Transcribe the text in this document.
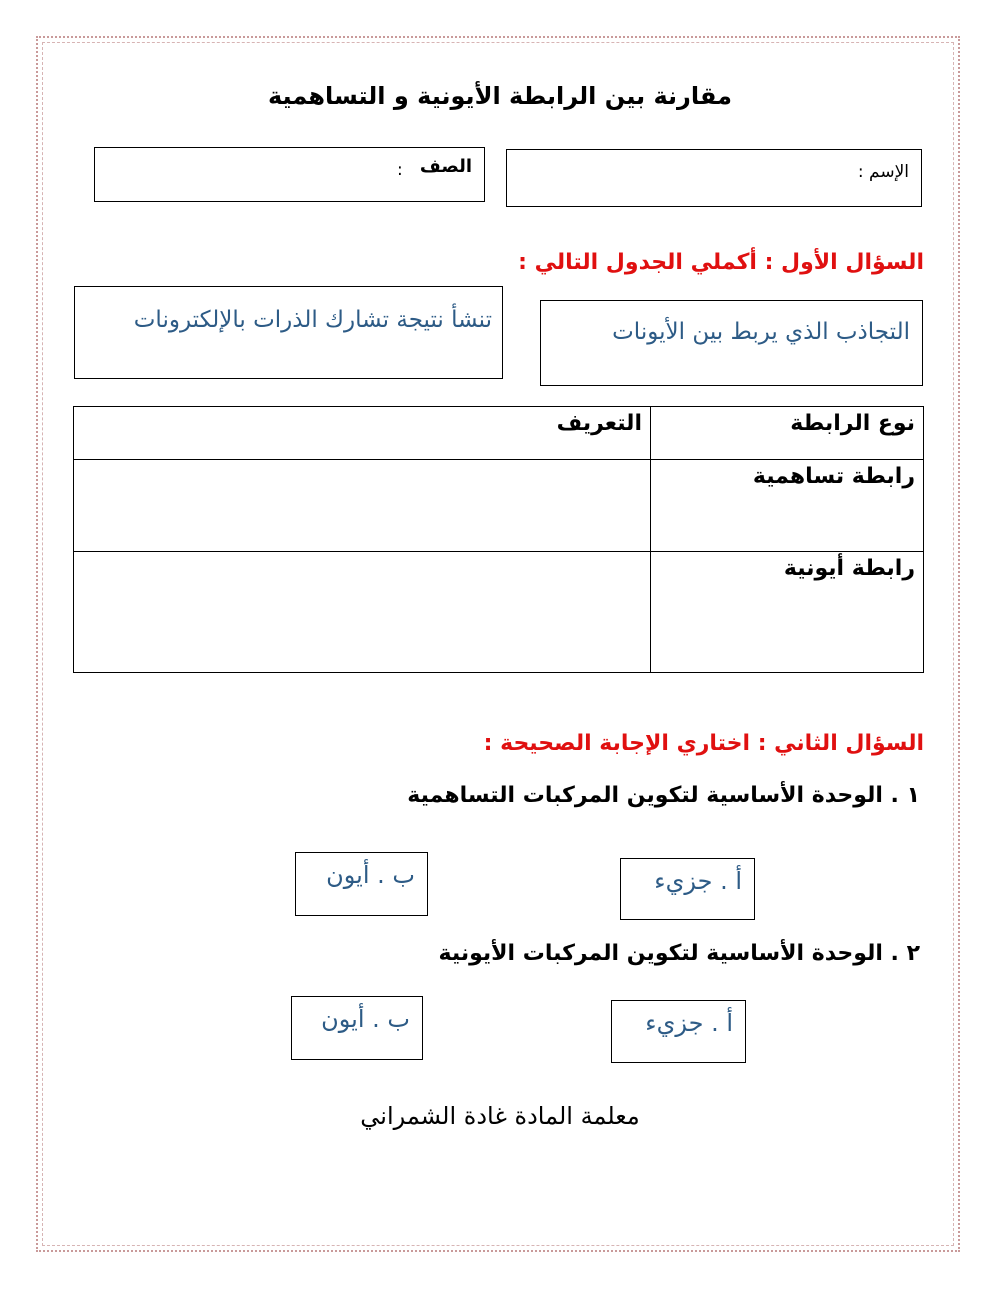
مقارنة بين الرابطة الأيونية و التساهمية
الإسم :
الصف
:
السؤال الأول : أكملي الجدول التالي :
التجاذب الذي يربط بين الأيونات
تنشأ نتيجة تشارك الذرات بالإلكترونات
نوع الرابطة	التعريف
رابطة تساهمية	
رابطة أيونية	
السؤال الثاني : اختاري الإجابة الصحيحة :
١ . الوحدة الأساسية لتكوين المركبات التساهمية
أ . جزيء
ب . أيون
٢ . الوحدة الأساسية لتكوين المركبات الأيونية
أ . جزيء
ب . أيون
معلمة المادة غادة الشمراني
